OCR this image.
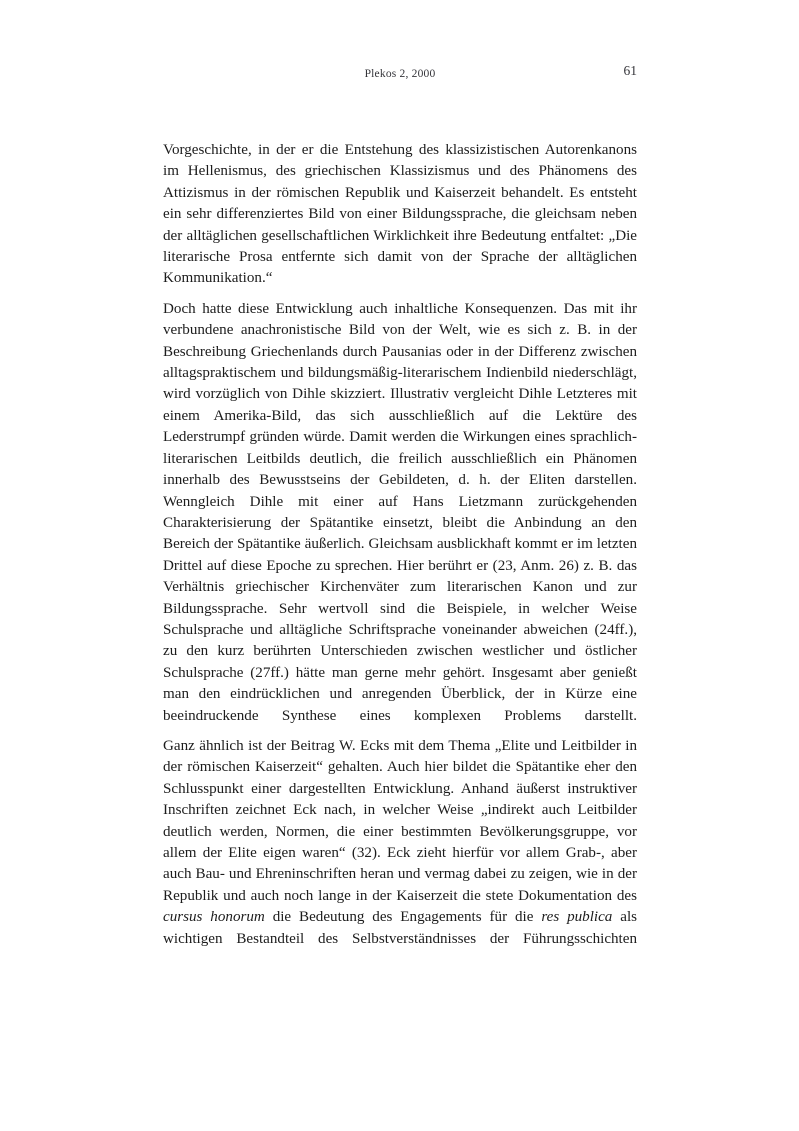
Plekos 2, 2000	61

Vorgeschichte, in der er die Entstehung des klassizistischen Autorenkanons im Hellenismus, des griechischen Klassizismus und des Phänomens des Attizismus in der römischen Republik und Kaiserzeit behandelt. Es entsteht ein sehr differenziertes Bild von einer Bildungssprache, die gleichsam neben der alltäglichen gesellschaftlichen Wirklichkeit ihre Bedeutung entfaltet: „Die literarische Prosa entfernte sich damit von der Sprache der alltäglichen Kommunikation.“

Doch hatte diese Entwicklung auch inhaltliche Konsequenzen. Das mit ihr verbundene anachronistische Bild von der Welt, wie es sich z. B. in der Beschreibung Griechenlands durch Pausanias oder in der Differenz zwischen alltagspraktischem und bildungsmäßig-literarischem Indienbild niederschlägt, wird vorzüglich von Dihle skizziert. Illustrativ vergleicht Dihle Letzteres mit einem Amerika-Bild, das sich ausschließlich auf die Lektüre des Lederstrumpf gründen würde. Damit werden die Wirkungen eines sprachlich-literarischen Leitbilds deutlich, die freilich ausschließlich ein Phänomen innerhalb des Bewusstseins der Gebildeten, d. h. der Eliten darstellen. Wenngleich Dihle mit einer auf Hans Lietzmann zurückgehenden Charakterisierung der Spätantike einsetzt, bleibt die Anbindung an den Bereich der Spätantike äußerlich. Gleichsam ausblickhaft kommt er im letzten Drittel auf diese Epoche zu sprechen. Hier berührt er (23, Anm. 26) z. B. das Verhältnis griechischer Kirchenväter zum literarischen Kanon und zur Bildungssprache. Sehr wertvoll sind die Beispiele, in welcher Weise Schulsprache und alltägliche Schriftsprache voneinander abweichen (24ff.), zu den kurz berührten Unterschieden zwischen westlicher und östlicher Schulsprache (27ff.) hätte man gerne mehr gehört. Insgesamt aber genießt man den eindrücklichen und anregenden Überblick, der in Kürze eine beeindruckende Synthese eines komplexen Problems darstellt.

Ganz ähnlich ist der Beitrag W. Ecks mit dem Thema „Elite und Leitbilder in der römischen Kaiserzeit“ gehalten. Auch hier bildet die Spätantike eher den Schlusspunkt einer dargestellten Entwicklung. Anhand äußerst instruktiver Inschriften zeichnet Eck nach, in welcher Weise „indirekt auch Leitbilder deutlich werden, Normen, die einer bestimmten Bevölkerungsgruppe, vor allem der Elite eigen waren“ (32). Eck zieht hierfür vor allem Grab-, aber auch Bau- und Ehreninschriften heran und vermag dabei zu zeigen, wie in der Republik und auch noch lange in der Kaiserzeit die stete Dokumentation des cursus honorum die Bedeutung des Engagements für die res publica als wichtigen Bestandteil des Selbstverständnisses der Führungsschichten
